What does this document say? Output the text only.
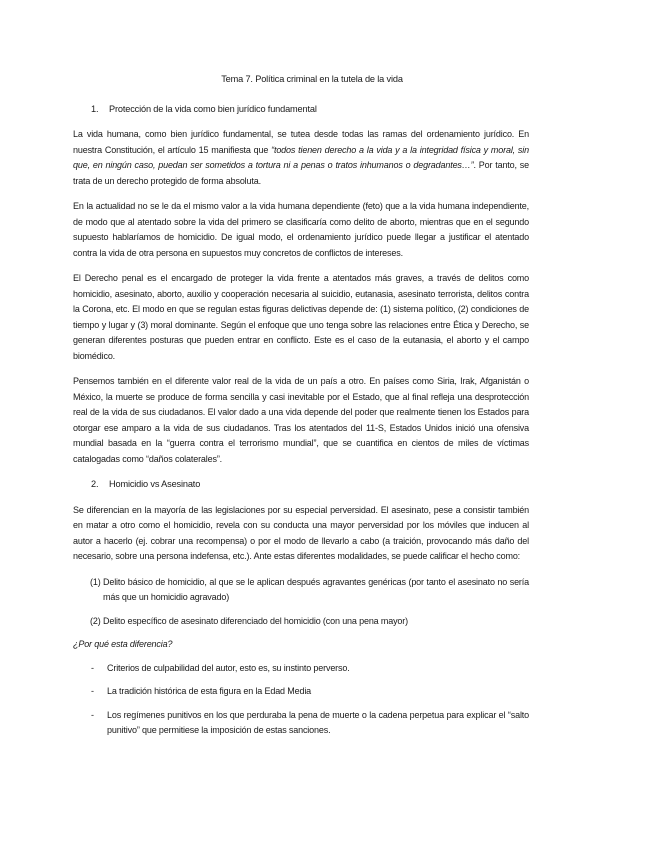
Tema 7. Política criminal en la tutela de la vida
1. Protección de la vida como bien jurídico fundamental

La vida humana, como bien jurídico fundamental, se tutea desde todas las ramas del ordenamiento jurídico. En nuestra Constitución, el artículo 15 manifiesta que “todos tienen derecho a la vida y a la integridad física y moral, sin que, en ningún caso, puedan ser sometidos a tortura ni a penas o tratos inhumanos o degradantes…”. Por tanto, se trata de un derecho protegido de forma absoluta.

En la actualidad no se le da el mismo valor a la vida humana dependiente (feto) que a la vida humana independiente, de modo que al atentado sobre la vida del primero se clasificaría como delito de aborto, mientras que en el segundo supuesto hablaríamos de homicidio. De igual modo, el ordenamiento jurídico puede llegar a justificar el atentado contra la vida de otra persona en supuestos muy concretos de conflictos de intereses.

El Derecho penal es el encargado de proteger la vida frente a atentados más graves, a través de delitos como homicidio, asesinato, aborto, auxilio y cooperación necesaria al suicidio, eutanasia, asesinato terrorista, delitos contra la Corona, etc. El modo en que se regulan estas figuras delictivas depende de: (1) sistema político, (2) condiciones de tiempo y lugar y (3) moral dominante. Según el enfoque que uno tenga sobre las relaciones entre Ética y Derecho, se generan diferentes posturas que pueden entrar en conflicto. Este es el caso de la eutanasia, el aborto y el campo biomédico.

Pensemos también en el diferente valor real de la vida de un país a otro. En países como Siria, Irak, Afganistán o México, la muerte se produce de forma sencilla y casi inevitable por el Estado, que al final refleja una desprotección real de la vida de sus ciudadanos. El valor dado a una vida depende del poder que realmente tienen los Estados para otorgar ese amparo a la vida de sus ciudadanos. Tras los atentados del 11-S, Estados Unidos inició una ofensiva mundial basada en la “guerra contra el terrorismo mundial”, que se cuantifica en cientos de miles de víctimas catalogadas como “daños colaterales”.

2. Homicidio vs Asesinato

Se diferencian en la mayoría de las legislaciones por su especial perversidad. El asesinato, pese a consistir también en matar a otro como el homicidio, revela con su conducta una mayor perversidad por los móviles que inducen al autor a hacerlo (ej. cobrar una recompensa) o por el modo de llevarlo a cabo (a traición, provocando más daño del necesario, sobre una persona indefensa, etc.). Ante estas diferentes modalidades, se puede calificar el hecho como:

(1) Delito básico de homicidio, al que se le aplican después agravantes genéricas (por tanto el asesinato no sería más que un homicidio agravado)
(2) Delito específico de asesinato diferenciado del homicidio (con una pena mayor)
¿Por qué esta diferencia?
- Criterios de culpabilidad del autor, esto es, su instinto perverso.
- La tradición histórica de esta figura en la Edad Media
- Los regímenes punitivos en los que perduraba la pena de muerte o la cadena perpetua para explicar el “salto punitivo” que permitiese la imposición de estas sanciones.
